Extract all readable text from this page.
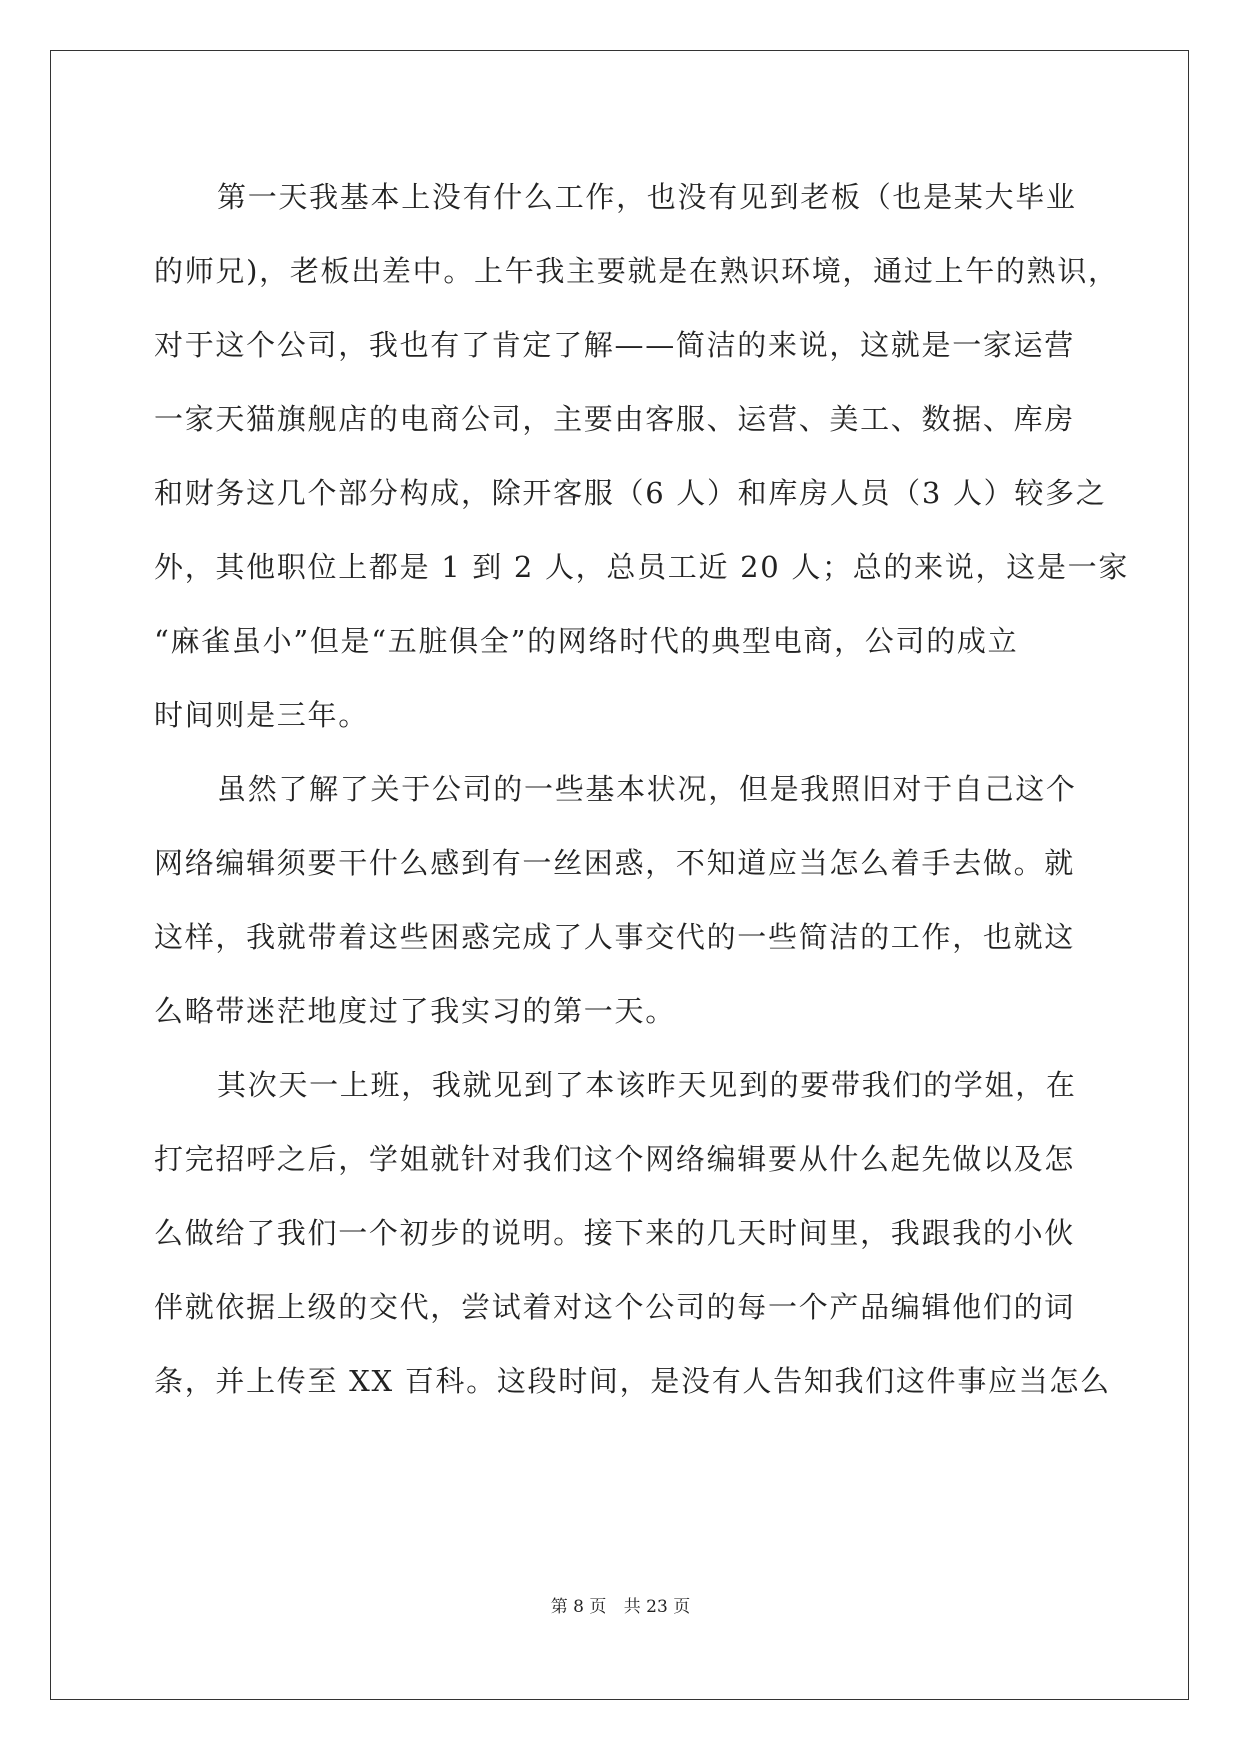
第一天我基本上没有什么工作，也没有见到老板（也是某大毕业
的师兄)，老板出差中。上午我主要就是在熟识环境，通过上午的熟识，
对于这个公司，我也有了肯定了解——简洁的来说，这就是一家运营
一家天猫旗舰店的电商公司，主要由客服、运营、美工、数据、库房
和财务这几个部分构成，除开客服（6 人）和库房人员（3 人）较多之
外，其他职位上都是 1 到 2 人，总员工近 20 人；总的来说，这是一家
“麻雀虽小”但是“五脏俱全”的网络时代的典型电商，公司的成立
时间则是三年。
虽然了解了关于公司的一些基本状况，但是我照旧对于自己这个
网络编辑须要干什么感到有一丝困惑，不知道应当怎么着手去做。就
这样，我就带着这些困惑完成了人事交代的一些简洁的工作，也就这
么略带迷茫地度过了我实习的第一天。
其次天一上班，我就见到了本该昨天见到的要带我们的学姐，在
打完招呼之后，学姐就针对我们这个网络编辑要从什么起先做以及怎
么做给了我们一个初步的说明。接下来的几天时间里，我跟我的小伙
伴就依据上级的交代，尝试着对这个公司的每一个产品编辑他们的词
条，并上传至 XX 百科。这段时间，是没有人告知我们这件事应当怎么
第 8 页 共 23 页
